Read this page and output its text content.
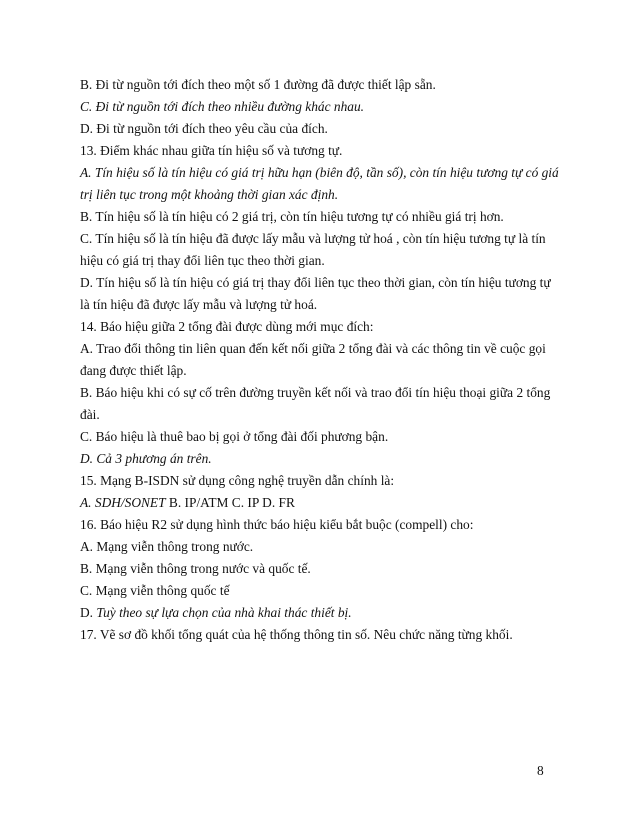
B. Đi từ nguồn tới đích theo một số 1 đường đã được thiết lập sẵn.
C. Đi từ nguồn tới đích theo nhiều đường khác nhau.
D. Đi từ nguồn tới đích theo yêu cầu của đích.
13. Điểm khác nhau giữa tín hiệu số và tương tự.
A. Tín hiệu số là tín hiệu có giá trị hữu hạn (biên độ, tần số), còn tín hiệu tương tự có giá
trị liên tục trong một khoảng thời gian xác định.
B. Tín hiệu số là tín hiệu có 2 giá trị, còn tín hiệu tương tự có nhiều giá trị hơn.
C. Tín hiệu số là tín hiệu đã được lấy mẫu và lượng tử hoá , còn tín hiệu tương tự là tín
hiệu có giá trị thay đổi liên tục theo thời gian.
D. Tín hiệu số là tín hiệu có giá trị thay đổi liên tục theo thời gian, còn tín hiệu tương tự
là tín hiệu đã được lấy mẫu và lượng tử hoá.
14. Báo hiệu giữa 2 tổng đài được dùng mới mục đích:
A. Trao đổi thông tin liên quan đến kết nối giữa 2 tổng đài và các thông tin về cuộc gọi
đang được thiết lập.
B. Báo hiệu khi có sự cố trên đường truyền kết nối và trao đổi tín hiệu thoại giữa 2 tổng
đài.
C. Báo hiệu là thuê bao bị gọi ở tổng đài đối phương bận.
D. Cả 3 phương án trên.
15. Mạng B-ISDN sử dụng công nghệ truyền dẫn chính là:
A. SDH/SONET B. IP/ATM C. IP D. FR
16. Báo hiệu R2 sử dụng hình thức báo hiệu kiểu bắt buộc (compell) cho:
A. Mạng viễn thông trong nước.
B. Mạng viễn thông trong nước và quốc tế.
C. Mạng viễn thông quốc tế
D. Tuỳ theo sự lựa chọn của nhà khai thác thiết bị.
17. Vẽ sơ đồ khối tổng quát của hệ thống thông tin số. Nêu chức năng từng khối.
8
